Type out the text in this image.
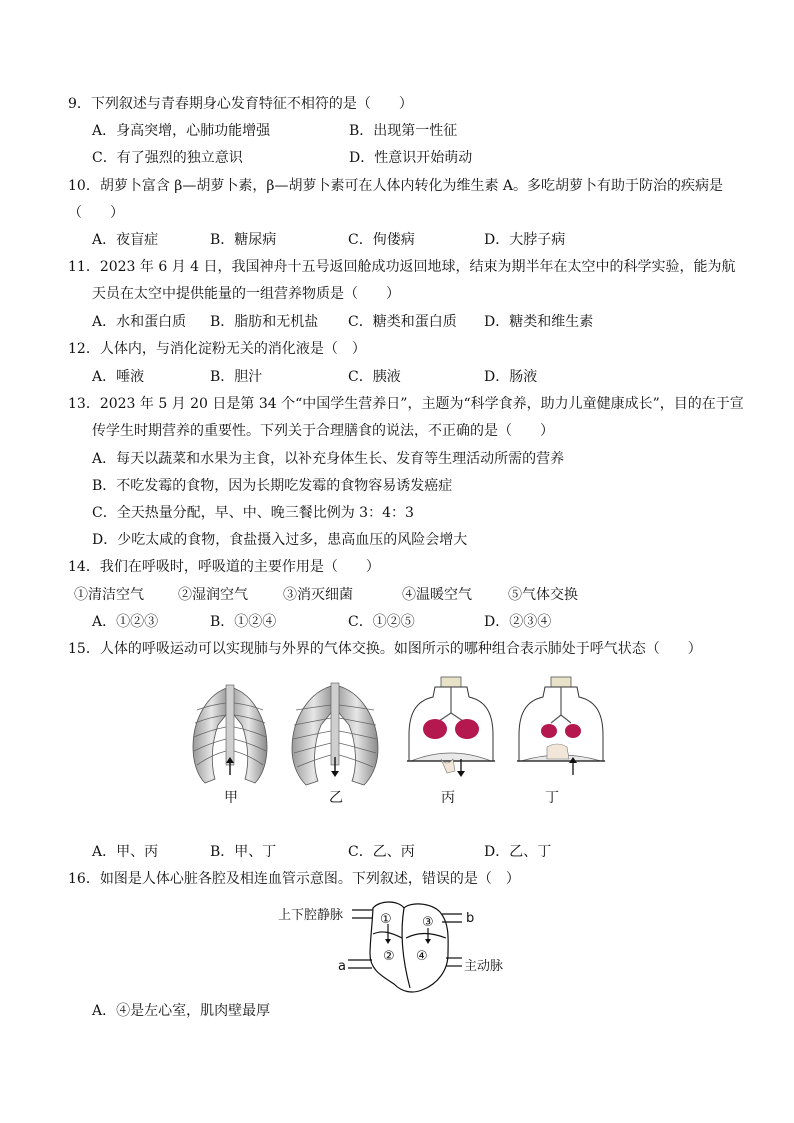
9．下列叙述与青春期身心发育特征不相符的是（　　）
A．身高突增，心肺功能增强	B．出现第一性征
C．有了强烈的独立意识	D．性意识开始萌动
10．胡萝卜富含 β—胡萝卜素，β—胡萝卜素可在人体内转化为维生素 A。多吃胡萝卜有助于防治的疾病是
（　　）
A．夜盲症	B．糖尿病	C．佝偻病	D．大脖子病
11．2023 年 6 月 4 日，我国神舟十五号返回舱成功返回地球，结束为期半年在太空中的科学实验，能为航
天员在太空中提供能量的一组营养物质是（　　）
A．水和蛋白质 B．脂肪和无机盐 C．糖类和蛋白质 D．糖类和维生素
12．人体内，与消化淀粉无关的消化液是（　）
A．唾液	B．胆汁	C．胰液	D．肠液
13．2023 年 5 月 20 日是第 34 个“中国学生营养日”，主题为“科学食养，助力儿童健康成长”，目的在于宣
传学生时期营养的重要性。下列关于合理膳食的说法，不正确的是（　　）
A．每天以蔬菜和水果为主食，以补充身体生长、发育等生理活动所需的营养
B．不吃发霉的食物，因为长期吃发霉的食物容易诱发癌症
C．全天热量分配，早、中、晚三餐比例为 3：4：3
D．少吃太咸的食物，食盐摄入过多，患高血压的风险会增大
14．我们在呼吸时，呼吸道的主要作用是（　　）
①清洁空气 ②湿润空气	③消灭细菌	④温暖空气	⑤气体交换
A．①②③	B．①②④	C．①②⑤	D．②③④
15．人体的呼吸运动可以实现肺与外界的气体交换。如图所示的哪种组合表示肺处于呼气状态（　　）
甲	乙	丙	丁
A．甲、丙	B．甲、丁	C．乙、丙	D．乙、丁
16．如图是人体心脏各腔及相连血管示意图。下列叙述，错误的是（　）
上下腔静脉	b
a	主动脉
①
②
③
④
A．④是左心室，肌肉壁最厚
